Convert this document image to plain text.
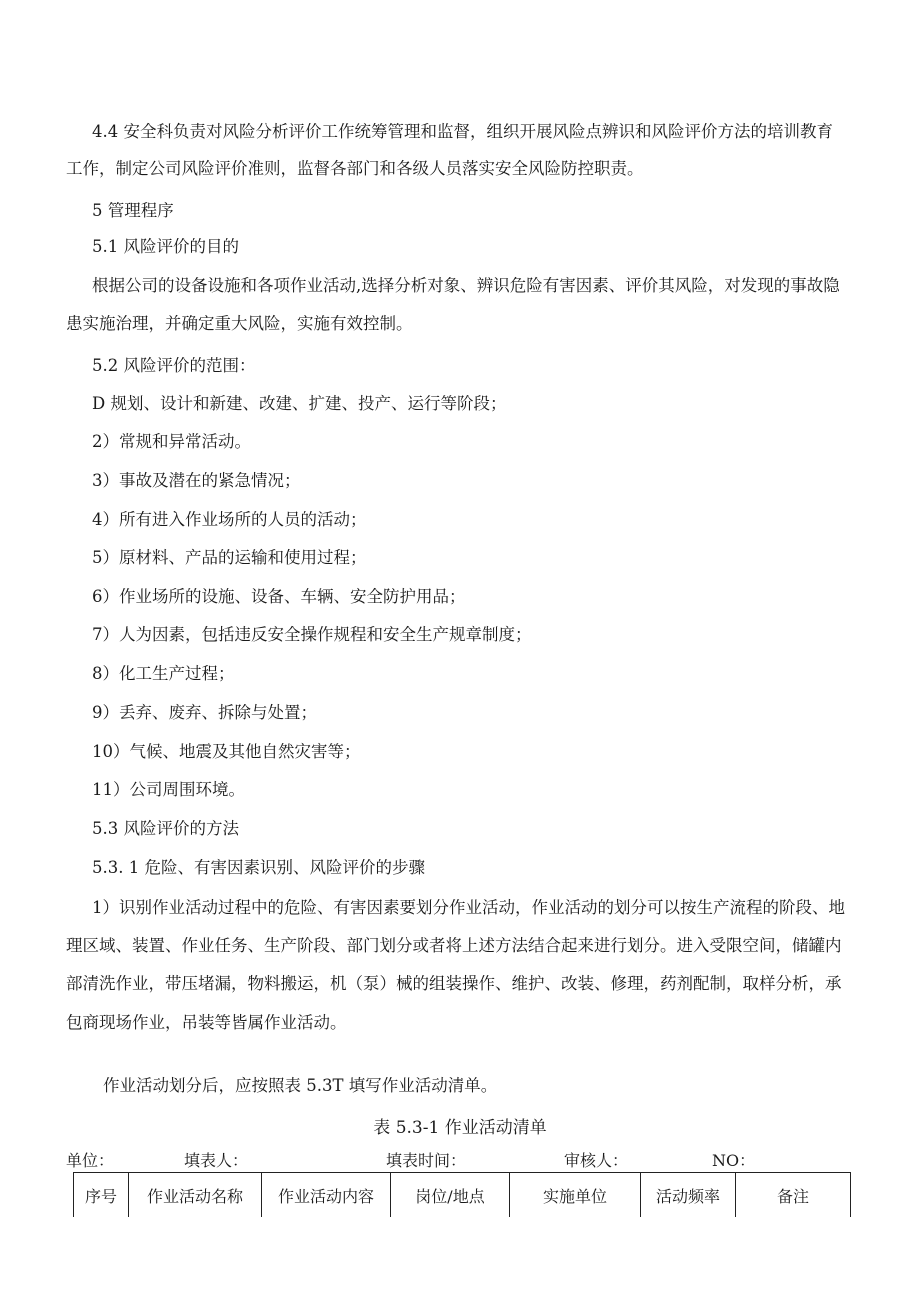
4.4 安全科负责对风险分析评价工作统筹管理和监督，组织开展风险点辨识和风险评价方法的培训教育
工作，制定公司风险评价准则，监督各部门和各级人员落实安全风险防控职责。
5 管理程序
5.1 风险评价的目的
根据公司的设备设施和各项作业活动,选择分析对象、辨识危险有害因素、评价其风险，对发现的事故隐
患实施治理，并确定重大风险，实施有效控制。
5.2 风险评价的范围：
D 规划、设计和新建、改建、扩建、投产、运行等阶段；
2）常规和异常活动。
3）事故及潜在的紧急情况；
4）所有进入作业场所的人员的活动；
5）原材料、产品的运输和使用过程；
6）作业场所的设施、设备、车辆、安全防护用品；
7）人为因素，包括违反安全操作规程和安全生产规章制度；
8）化工生产过程；
9）丢弃、废弃、拆除与处置；
10）气候、地震及其他自然灾害等；
11）公司周围环境。
5.3 风险评价的方法
表 5.3-1 作业活动清单
单位：	填表人：	填表时间：	审核人：	NO：
序号	作业活动名称	作业活动内容	岗位/地点	实施单位	活动频率	备注
5.3. 1 危险、有害因素识别、风险评价的步骤
1）识别作业活动过程中的危险、有害因素要划分作业活动，作业活动的划分可以按生产流程的阶段、地
理区域、装置、作业任务、生产阶段、部门划分或者将上述方法结合起来进行划分。进入受限空间，储罐内
部清洗作业，带压堵漏，物料搬运，机（泵）械的组装操作、维护、改装、修理，药剂配制，取样分析，承
包商现场作业，吊装等皆属作业活动。
作业活动划分后，应按照表 5.3T 填写作业活动清单。
